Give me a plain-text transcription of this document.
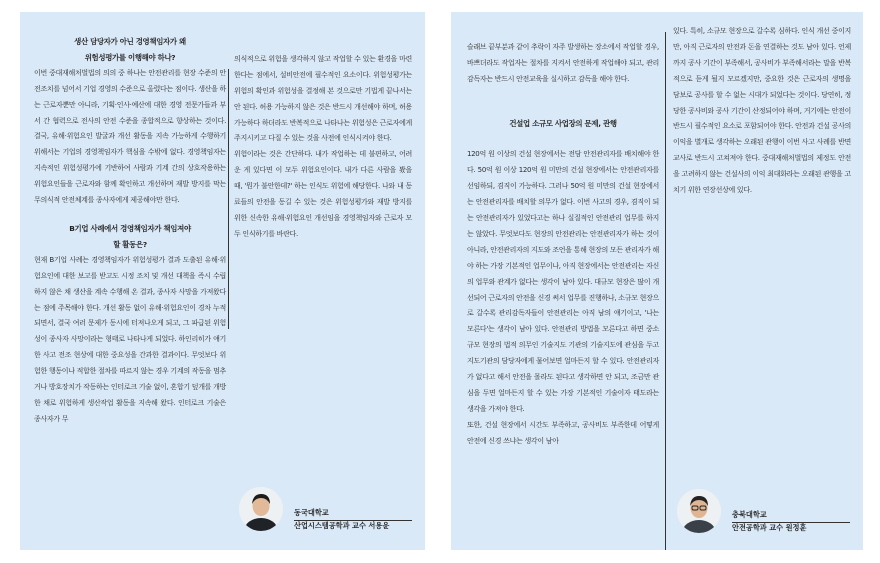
생산 담당자가 아닌 경영책임자가 왜
위험성평가를 이행해야 하나?

이번 중대재해처벌법의 의의 중 하나는 안전관리를 현장 수준의 안전조치를 넘어서 기업 경영의 수준으로 올렸다는 점이다. 생산을 하는 근로자뿐만 아니라, 기획·인사·예산에 대한 경영 전문가들과 부서 간 협력으로 전사의 안전 수준을 종합적으로 향상하는 것이다. 결국, 유해·위험요인 발굴과 개선 활동을 지속 가능하게 수행하기 위해서는 기업의 경영책임자가 핵심을 수밖에 없다. 경영책임자는 지속적인 위험성평가에 기반하여 사람과 기계 간의 상호작용하는 위험요인들을 근로자와 함께 확인하고 개선하며 재발 방지를 막는 무의식적 안전체계를 종사자에게 제공해야만 한다.

B기업 사례에서 경영책임자가 책임져야
할 활동은?

현재 B기업 사례는 경영책임자가 위험성평가 결과 도출된 유해·위험요인에 대한 보고를 받고도 시정 조치 및 개선 대책을 즉시 수립하지 않은 채 생산을 계속 수행해 온 결과, 종사자 사망을 가져왔다는 점에 주목해야 한다. 개선 활동 없이 유해·위험요인이 경차 누적되면서, 결국 여러 문제가 동시에 터져나오게 되고, 그 파급된 위험성이 종사자 사망이라는 형태로 나타나게 되었다. 하인리히가 얘기한 사고 전조 현상에 대한 중요성을 간과한 결과이다. 무엇보다 위험한 행동이나 적합한 절차를 따르지 않는 경우 기계의 작동을 멈추거나 방호장치가 작동하는 인터로크 기술 없이, 혼합기 덮개를 개방한 채로 위험하게 생산작업 활동을 지속해 왔다. 인터로크 기술은 종사자가 무

의식적으로 위험을 생각하지 않고 작업할 수 있는 환경을 마련한다는 점에서, 설비안전에 필수적인 요소이다. 위험성평가는 위험의 확인과 위험성을 결정해 본 것으로만 기법게 끝나서는 안 된다. 허용 가능하지 않은 것은 반드시 개선해야 하며, 허용 가능하다 하더라도 반복적으로 나타나는 위험성은 근로자에게 주지시키고 다질 수 있는 것을 사전에 인식시켜야 한다.
위험이라는 것은 간단하다. 내가 작업하는 데 불편하고, 어려운 게 있다면 이 모두 위험요인이다. 내가 다른 사람을 봤을 때, '뭔가 불안한데?' 하는 인식도 위험에 해당한다. 나와 내 동료들의 안전을 동길 수 있는 것은 위험성평가와 재발 방지를 위한 신속한 유해·위험요인 개선임을 경영책임자와 근로자 모두 인식하기를 바란다.

동국대학교
산업시스템공학과 교수 서용윤

슬래브 끝부분과 같이 추락이 자주 발생하는 장소에서 작업할 경우, 바쁘더라도 작업자는 절차를 지켜서 안전하게 작업해야 되고, 관리감독자는 반드시 안전교육을 실시하고 감독을 해야 한다.

건설업 소규모 사업장의 문제, 관행

120억 원 이상의 건설 현장에서는 전담 안전관리자를 배치해야 한다. 50억 원 이상 120억 원 미만의 건설 현장에서는 안전관리자를 선임하되, 겸직이 가능하다. 그러나 50억 원 미만의 건설 현장에서는 안전관리자를 배치할 의무가 없다. 이번 사고의 경우, 겸직이 되는 안전관리자가 있었다고는 하나 실질적인 안전관리 업무를 하지는 않았다. 무엇보다도 현장의 안전관리는 안전관리자가 하는 것이 아니라, 안전관리자의 지도와 조언을 통해 현장의 모든 관리자가 해야 하는 가장 기본적인 업무이나, 아직 현장에서는 안전관리는 자신의 업무와 관계가 없다는 생각이 남아 있다. 대규모 현장은 많이 개선되어 근로자의 안전을 신경 써서 업무를 진행하나, 소규모 현장으로 갈수록 관리감독자들이 안전관리는 아직 남의 얘기이고, '나는 모른다'는 생각이 남아 있다. 안전관리 방법을 모른다고 하면 중소 규모 현장의 법적 의무인 기술지도 기관의 기술지도에 관심을 두고 지도기관의 담당자에게 물어보면 얼마든지 할 수 있다. 안전관리자가 없다고 해서 안전을 몰라도 된다고 생각하면 안 되고, 조금만 관심을 두면 얼마든지 할 수 있는 가장 기본적인 기술이자 태도라는 생각을 가져야 한다.
또한, 건설 현장에서 시간도 부족하고, 공사비도 부족한데 어떻게 안전에 신경 쓰냐는 생각이 남아

있다. 특히, 소규모 현장으로 갈수록 심하다. 인식 개선 중이지만, 아직 근로자의 안전과 돈을 연결하는 것도 남아 있다. 언제까지 공사 기간이 부족해서, 공사비가 부족해서라는 말을 반복적으로 듣게 될지 모르겠지만, 중요한 것은 근로자의 생명을 담보로 공사를 할 수 없는 시대가 되었다는 것이다. 당연히, 정당한 공사비와 공사 기간이 산정되어야 하며, 거기에는 안전이 반드시 필수적인 요소로 포함되어야 한다. 안전과 건설 공사의 이익을 별개로 생각하는 오래된 관행이 이번 사고 사례를 반면교사로 반드시 고쳐져야 한다. 중대재해처벌법의 제정도 안전을 고려하지 않는 건설사의 이익 최대화라는 오래된 관행을 고치기 위한 연장선상에 있다.

충북대학교
안전공학과 교수 원정훈
